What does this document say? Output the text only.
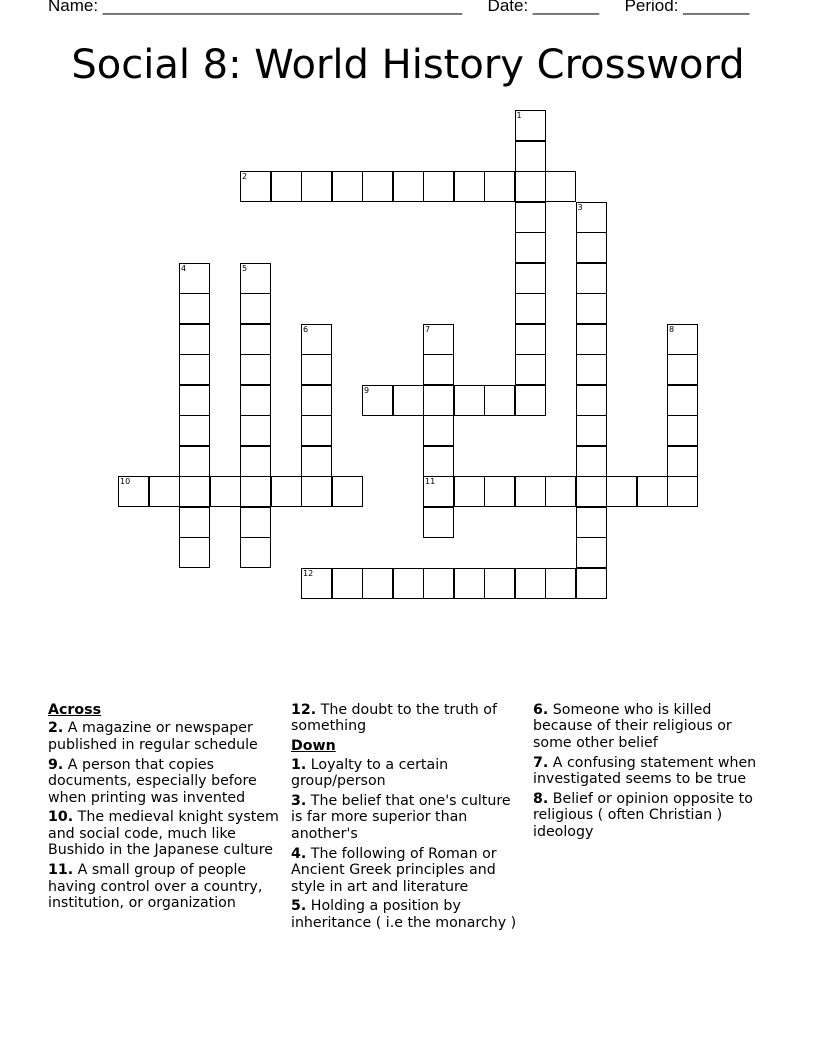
Name: ______________________________________ Date: _______ Period: _______
Social 8: World History Crossword
1
2
3
4	5
6	7
11
8
9
10
12
Across
2. A magazine or newspaper published in regular schedule
9. A person that copies documents, especially before when printing was invented
10. The medieval knight system and social code, much like Bushido in the Japanese culture
11. A small group of people having control over a country, institution, or organization
12. The doubt to the truth of something
Down
1. Loyalty to a certain group/person
3. The belief that one's culture is far more superior than another's
4. The following of Roman or Ancient Greek principles and style in art and literature
5. Holding a position by inheritance ( i.e the monarchy )
6. Someone who is killed because of their religious or some other belief
7. A confusing statement when investigated seems to be true
8. Belief or opinion opposite to religious ( often Christian ) ideology
